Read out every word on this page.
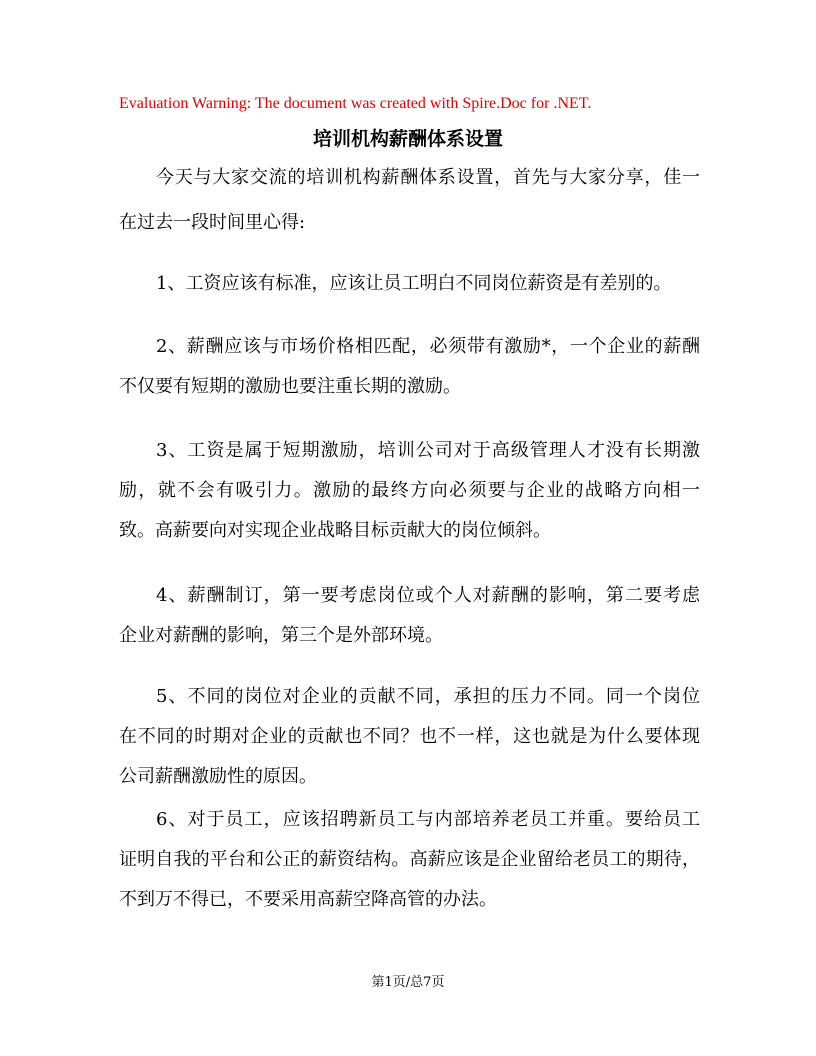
Evaluation Warning: The document was created with Spire.Doc for .NET.
培训机构薪酬体系设置
今天与大家交流的培训机构薪酬体系设置，首先与大家分享，佳一
在过去一段时间里心得:
1、工资应该有标准，应该让员工明白不同岗位薪资是有差别的。
2、薪酬应该与市场价格相匹配，必须带有激励*，一个企业的薪酬
不仅要有短期的激励也要注重长期的激励。
3、工资是属于短期激励，培训公司对于高级管理人才没有长期激
励，就不会有吸引力。激励的最终方向必须要与企业的战略方向相一
致。高薪要向对实现企业战略目标贡献大的岗位倾斜。
4、薪酬制订，第一要考虑岗位或个人对薪酬的影响，第二要考虑
企业对薪酬的影响，第三个是外部环境。
5、不同的岗位对企业的贡献不同，承担的压力不同。同一个岗位
在不同的时期对企业的贡献也不同？也不一样，这也就是为什么要体现
公司薪酬激励性的原因。
6、对于员工，应该招聘新员工与内部培养老员工并重。要给员工
证明自我的平台和公正的薪资结构。高薪应该是企业留给老员工的期待，
不到万不得已，不要采用高薪空降高管的办法。
第1页/总7页
